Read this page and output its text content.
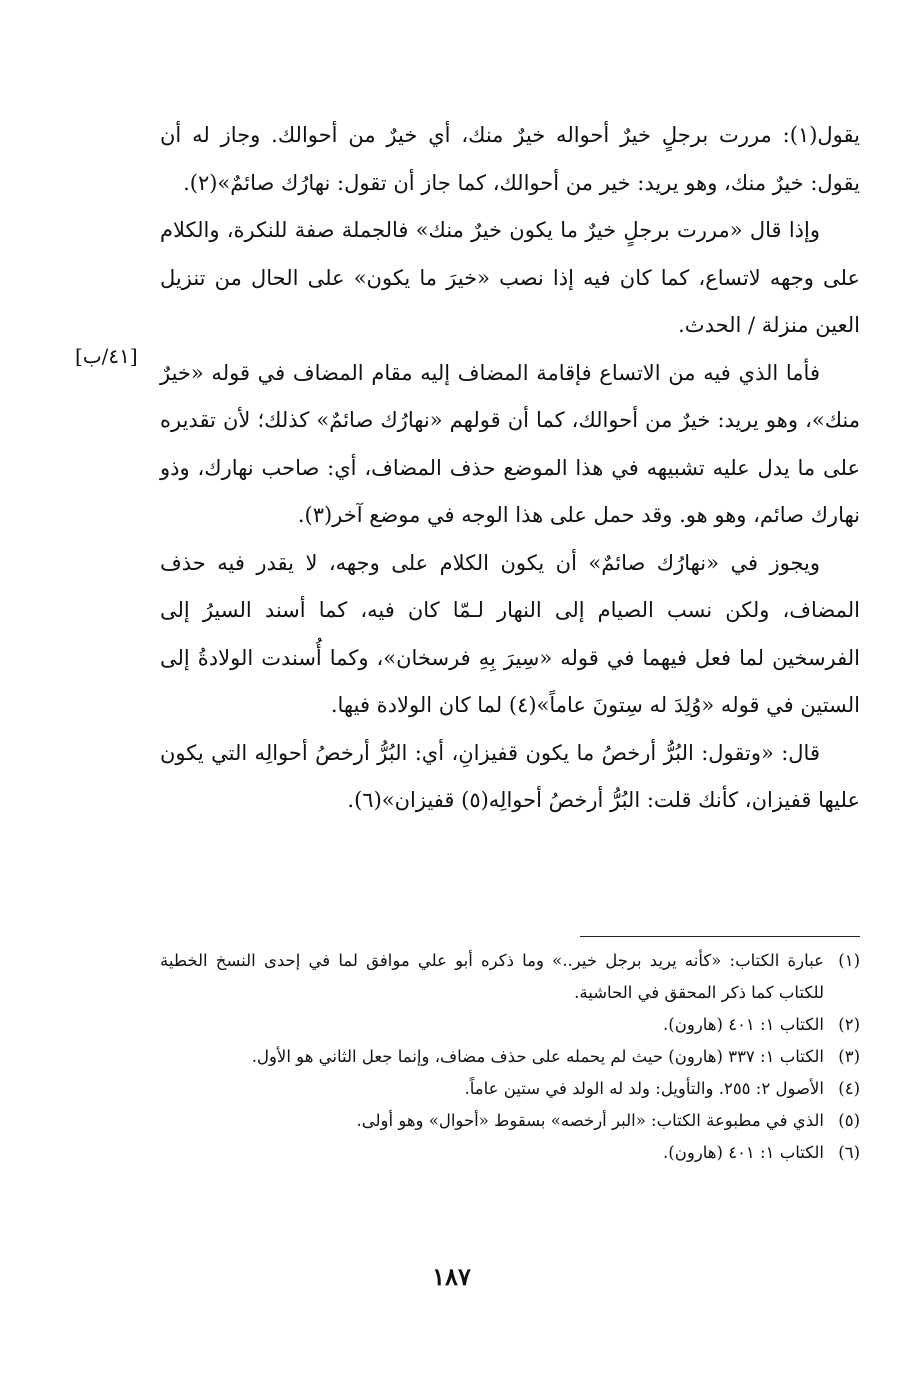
يقول(١): مررت برجلٍ خيرٌ أحواله خيرٌ منك، أي خيرٌ من أحوالك. وجاز له أن يقول: خيرٌ منك، وهو يريد: خير من أحوالك، كما جاز أن تقول: نهارُك صائمٌ»(٢).

وإذا قال «مررت برجلٍ خيرٌ ما يكون خيرٌ منك» فالجملة صفة للنكرة، والكلام على وجهه لاتساع، كما كان فيه إذا نصب «خيرَ ما يكون» على الحال من تنزيل العين منزلة / الحدث.

فأما الذي فيه من الاتساع فإقامة المضاف إليه مقام المضاف في قوله «خيرٌ منك»، وهو يريد: خيرٌ من أحوالك، كما أن قولهم «نهارُك صائمٌ» كذلك؛ لأن تقديره على ما يدل عليه تشبيهه في هذا الموضع حذف المضاف، أي: صاحب نهارك، وذو نهارك صائم، وهو هو. وقد حمل على هذا الوجه في موضع آخر(٣).

ويجوز في «نهارُك صائمٌ» أن يكون الكلام على وجهه، لا يقدر فيه حذف المضاف، ولكن نسب الصيام إلى النهار لـمّا كان فيه، كما أسند السيرُ إلى الفرسخين لما فعل فيهما في قوله «سِيرَ بِهِ فرسخان»، وكما أُسندت الولادةُ إلى الستين في قوله «وُلِدَ له سِتونَ عاماً»(٤) لما كان الولادة فيها.

قال: «وتقول: البُرُّ أرخصُ ما يكون قفيزانِ، أي: البُرُّ أرخصُ أحوالِه التي يكون عليها قفيزان، كأنك قلت: البُرُّ أرخصُ أحوالِه(٥) قفيزان»(٦).

[٤١/ب]
(١)
عبارة الكتاب: «كأنه يريد برجل خير..» وما ذكره أبو علي موافق لما في إحدى النسخ الخطية للكتاب كما ذكر المحقق في الحاشية.
(٢)
الكتاب ١: ٤٠١ (هارون).
(٣)
الكتاب ١: ٣٣٧ (هارون) حيث لم يحمله على حذف مضاف، وإنما جعل الثاني هو الأول.
(٤)
الأصول ٢: ٢٥٥. والتأويل: ولد له الولد في ستين عاماً.
(٥)
الذي في مطبوعة الكتاب: «البر أرخصه» بسقوط «أحوال» وهو أولى.
(٦)
الكتاب ١: ٤٠١ (هارون).
١٨٧
